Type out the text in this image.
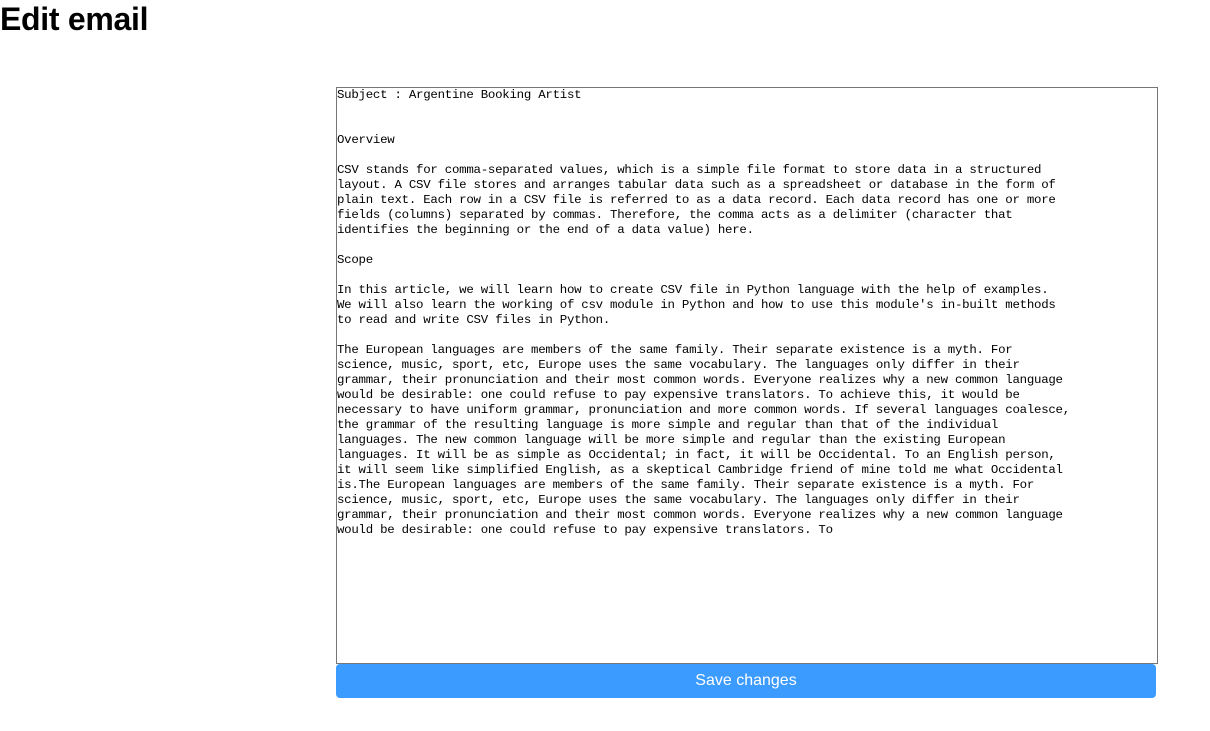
Edit email
Subject : Argentine Booking Artist Overview CSV stands for comma-separated values, which is a simple file format to store data in a structured layout. A CSV file stores and arranges tabular data such as a spreadsheet or database in the form of plain text. Each row in a CSV file is referred to as a data record. Each data record has one or more fields (columns) separated by commas. Therefore, the comma acts as a delimiter (character that identifies the beginning or the end of a data value) here. Scope In this article, we will learn how to create CSV file in Python language with the help of examples. We will also learn the working of csv module in Python and how to use this module's in-built methods to read and write CSV files in Python. The European languages are members of the same family. Their separate existence is a myth. For science, music, sport, etc, Europe uses the same vocabulary. The languages only differ in their grammar, their pronunciation and their most common words. Everyone realizes why a new common language would be desirable: one could refuse to pay expensive translators. To achieve this, it would be necessary to have uniform grammar, pronunciation and more common words. If several languages coalesce, the grammar of the resulting language is more simple and regular than that of the individual languages. The new common language will be more simple and regular than the existing European languages. It will be as simple as Occidental; in fact, it will be Occidental. To an English person, it will seem like simplified English, as a skeptical Cambridge friend of mine told me what Occidental is.The European languages are members of the same family. Their separate existence is a myth. For science, music, sport, etc, Europe uses the same vocabulary. The languages only differ in their grammar, their pronunciation and their most common words. Everyone realizes why a new common language would be desirable: one could refuse to pay expensive translators. To
Save changes
